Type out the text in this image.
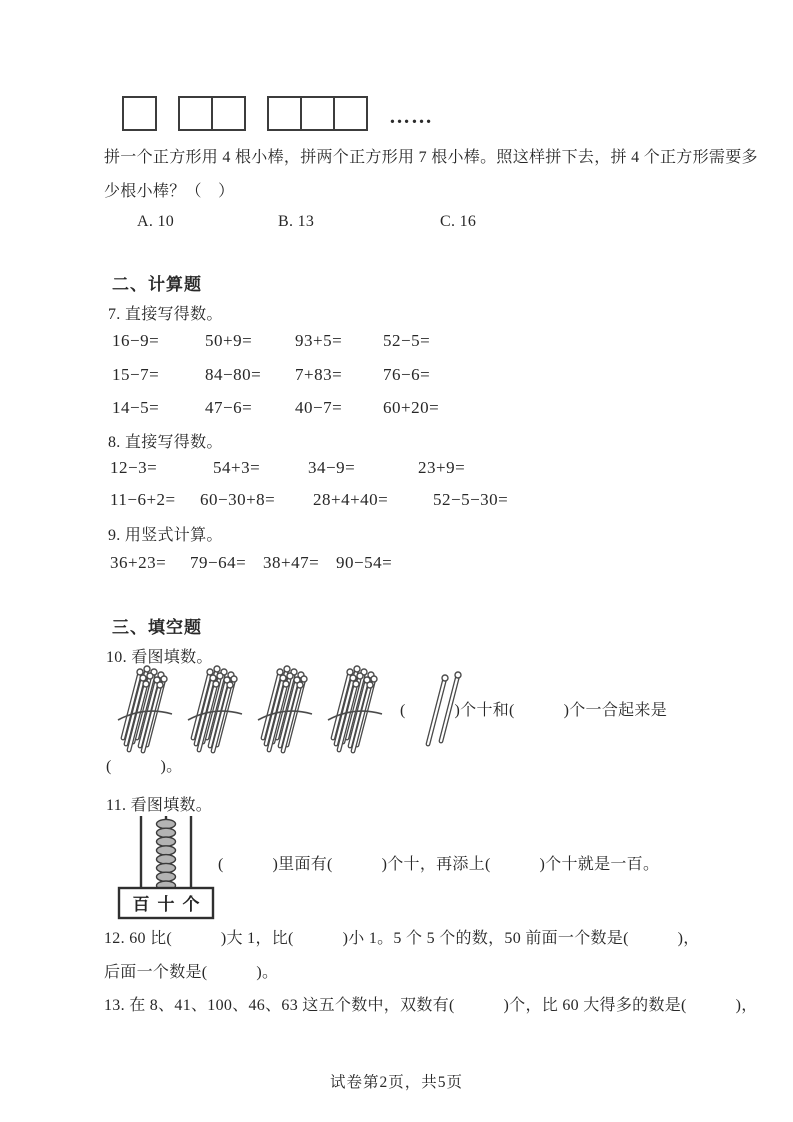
……
拼一个正方形用 4 根小棒，拼两个正方形用 7 根小棒。照这样拼下去，拼 4 个正方形需要多
少根小棒？（　）
A. 10	B. 13	C. 16
二、计算题
7. 直接写得数。
16−9=	50+9=	93+5= 52−5=
15−7=	84−80= 7+83= 76−6=
14−5=	47−6=	40−7= 60+20=
8. 直接写得数。
12−3=	54+3=	34−9=	23+9=
11−6+2= 60−30+8= 28+4+40=	52−5−30=
9. 用竖式计算。
36+23= 79−64= 38+47= 90−54=
三、填空题
10. 看图填数。
(　　　)个十和(　　　)个一合起来是
(　　　)。
11. 看图填数。
百 十 个
(　　　)里面有(　　　)个十，再添上(　　　)个十就是一百。
12. 60 比(　　　)大 1，比(　　　)小 1。5 个 5 个的数，50 前面一个数是(　　　)，
后面一个数是(　　　)。
13. 在 8、41、100、46、63 这五个数中，双数有(　　　)个，比 60 大得多的数是(　　　)，
试卷第2页，共5页
